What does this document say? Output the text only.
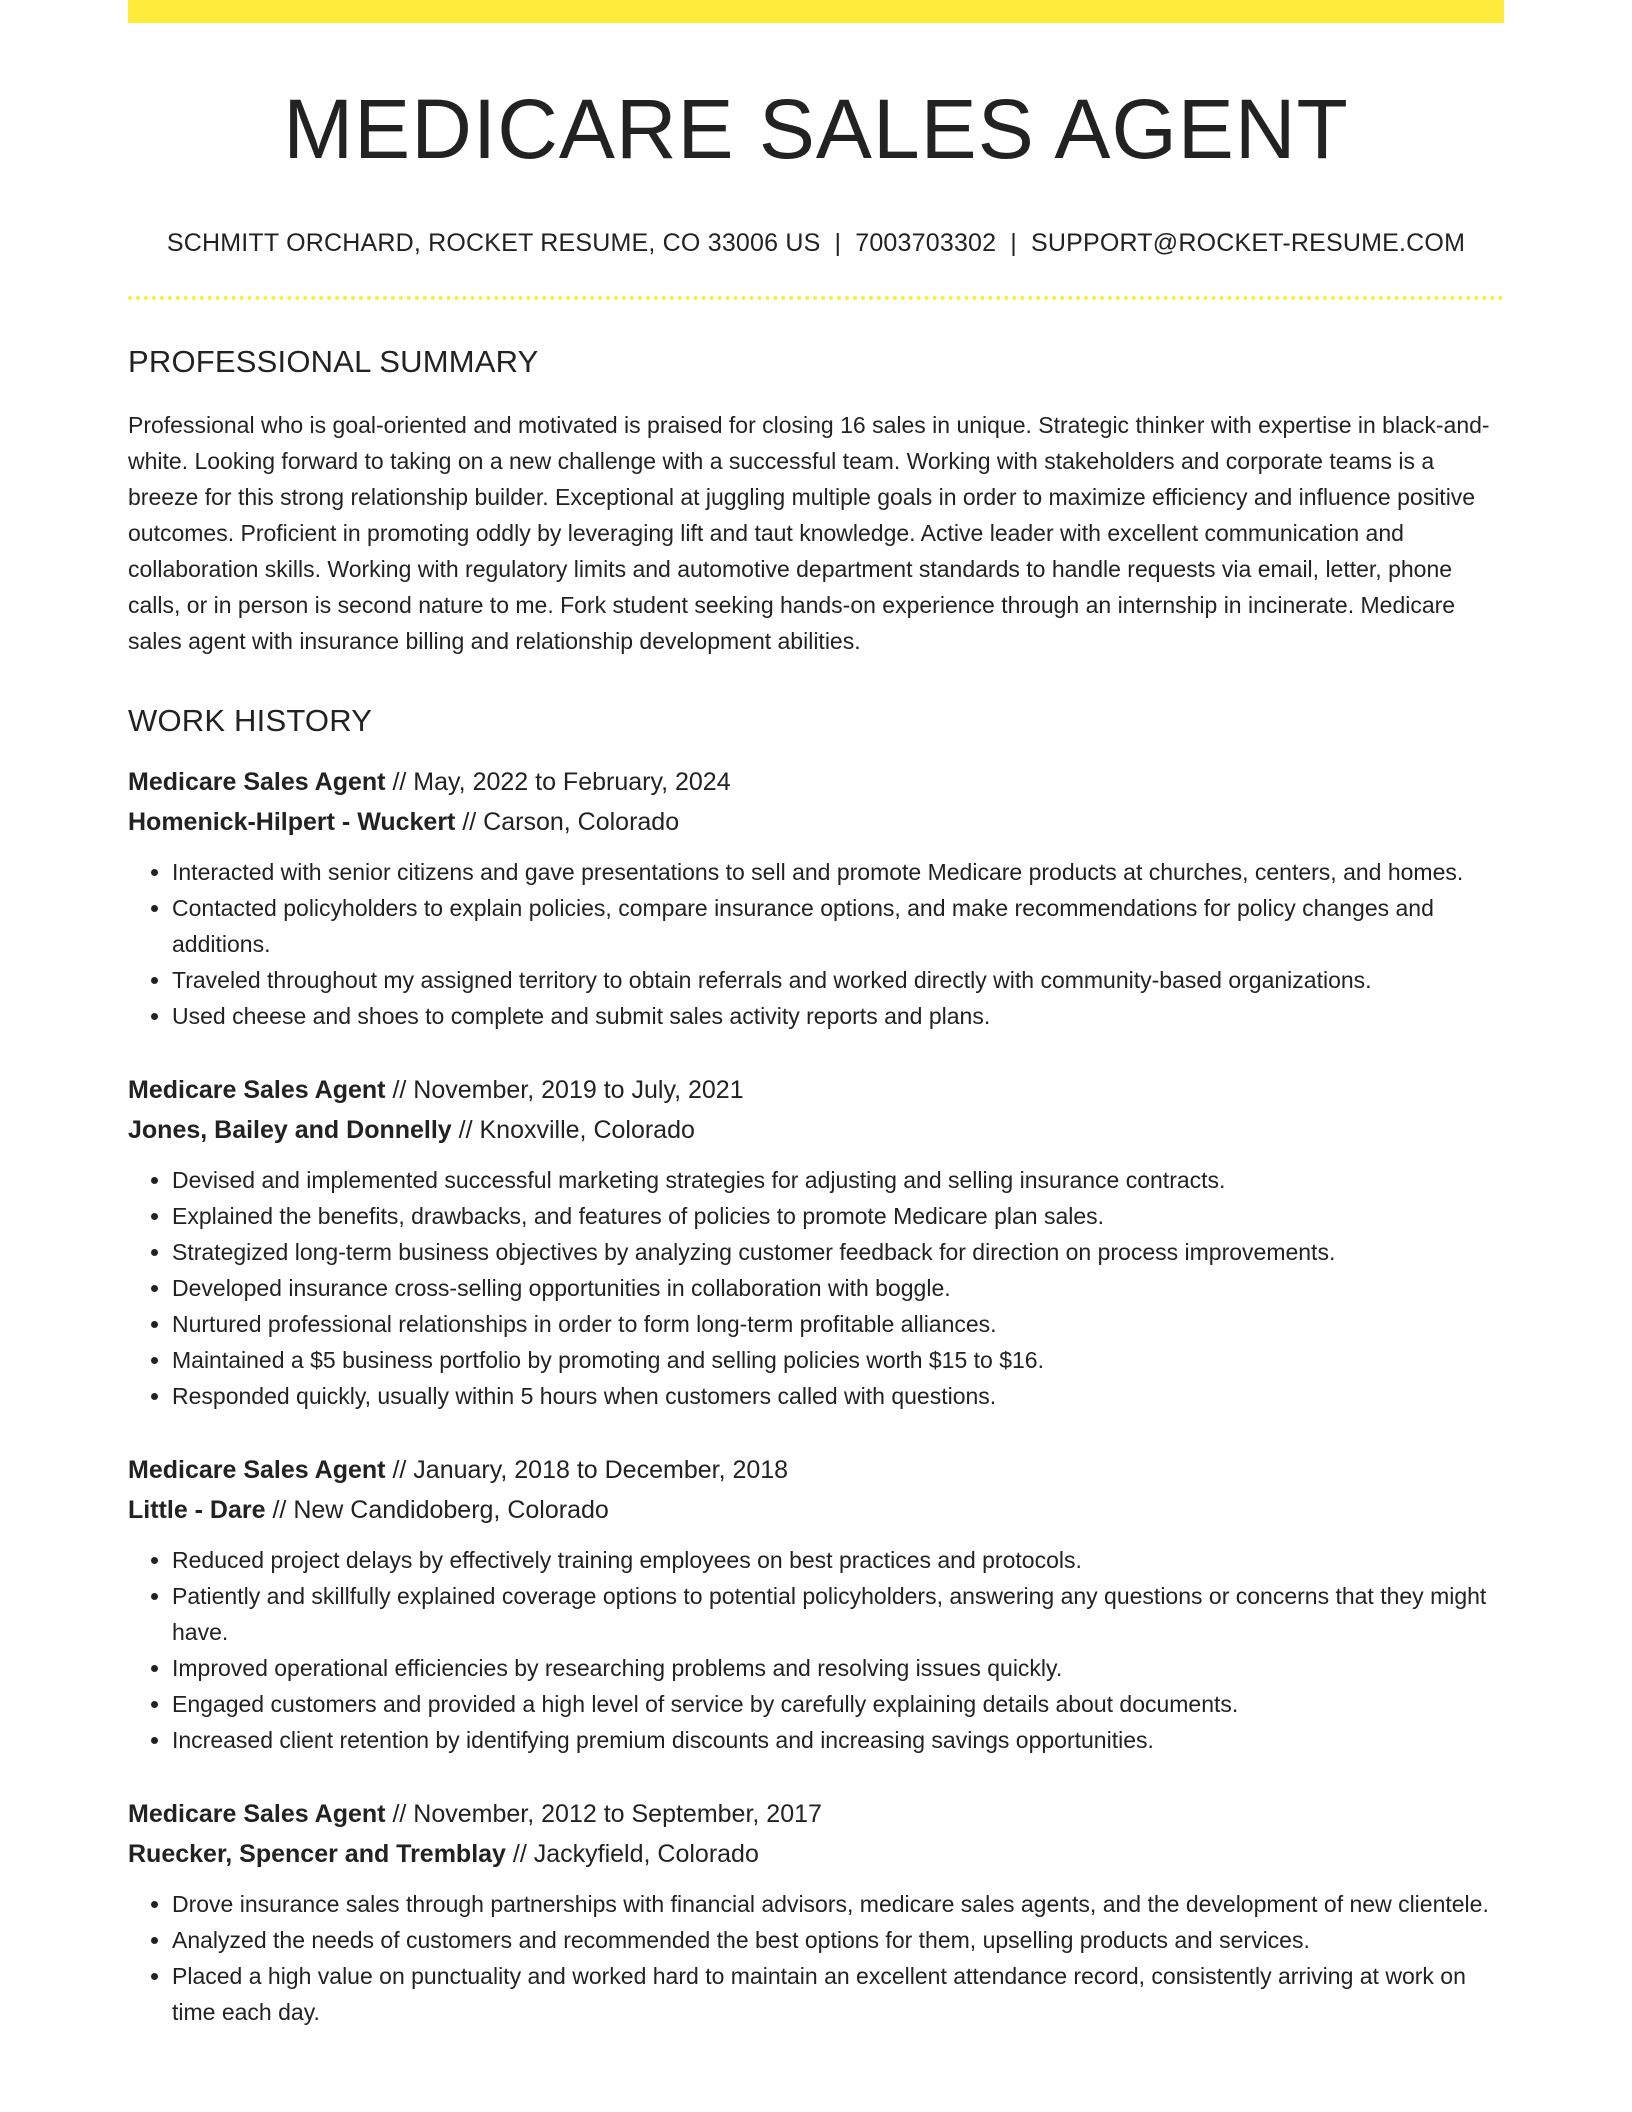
MEDICARE SALES AGENT
SCHMITT ORCHARD, ROCKET RESUME, CO 33006 US | 7003703302 | SUPPORT@ROCKET-RESUME.COM
PROFESSIONAL SUMMARY
Professional who is goal-oriented and motivated is praised for closing 16 sales in unique. Strategic thinker with expertise in black-and-white. Looking forward to taking on a new challenge with a successful team. Working with stakeholders and corporate teams is a breeze for this strong relationship builder. Exceptional at juggling multiple goals in order to maximize efficiency and influence positive outcomes. Proficient in promoting oddly by leveraging lift and taut knowledge. Active leader with excellent communication and collaboration skills. Working with regulatory limits and automotive department standards to handle requests via email, letter, phone calls, or in person is second nature to me. Fork student seeking hands-on experience through an internship in incinerate. Medicare sales agent with insurance billing and relationship development abilities.
WORK HISTORY
Medicare Sales Agent // May, 2022 to February, 2024
Homenick-Hilpert - Wuckert // Carson, Colorado
• Interacted with senior citizens and gave presentations to sell and promote Medicare products at churches, centers, and homes.
• Contacted policyholders to explain policies, compare insurance options, and make recommendations for policy changes and additions.
• Traveled throughout my assigned territory to obtain referrals and worked directly with community-based organizations.
• Used cheese and shoes to complete and submit sales activity reports and plans.
Medicare Sales Agent // November, 2019 to July, 2021
Jones, Bailey and Donnelly // Knoxville, Colorado
• Devised and implemented successful marketing strategies for adjusting and selling insurance contracts.
• Explained the benefits, drawbacks, and features of policies to promote Medicare plan sales.
• Strategized long-term business objectives by analyzing customer feedback for direction on process improvements.
• Developed insurance cross-selling opportunities in collaboration with boggle.
• Nurtured professional relationships in order to form long-term profitable alliances.
• Maintained a $5 business portfolio by promoting and selling policies worth $15 to $16.
• Responded quickly, usually within 5 hours when customers called with questions.
Medicare Sales Agent // January, 2018 to December, 2018
Little - Dare // New Candidoberg, Colorado
• Reduced project delays by effectively training employees on best practices and protocols.
• Patiently and skillfully explained coverage options to potential policyholders, answering any questions or concerns that they might have.
• Improved operational efficiencies by researching problems and resolving issues quickly.
• Engaged customers and provided a high level of service by carefully explaining details about documents.
• Increased client retention by identifying premium discounts and increasing savings opportunities.
Medicare Sales Agent // November, 2012 to September, 2017
Ruecker, Spencer and Tremblay // Jackyfield, Colorado
• Drove insurance sales through partnerships with financial advisors, medicare sales agents, and the development of new clientele.
• Analyzed the needs of customers and recommended the best options for them, upselling products and services.
• Placed a high value on punctuality and worked hard to maintain an excellent attendance record, consistently arriving at work on time each day.
